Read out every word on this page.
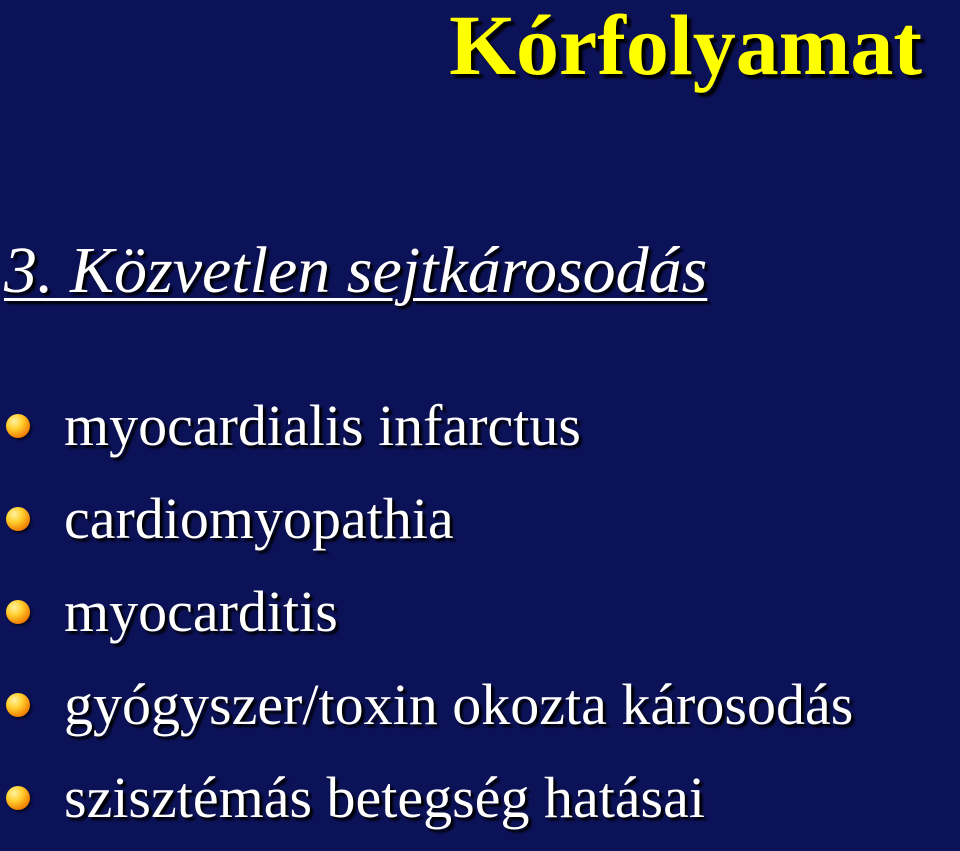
Kórfolyamat
3. Közvetlen sejtkárosodás
myocardialis infarctus
cardiomyopathia
myocarditis
gyógyszer/toxin okozta károsodás
szisztémás betegség hatásai
